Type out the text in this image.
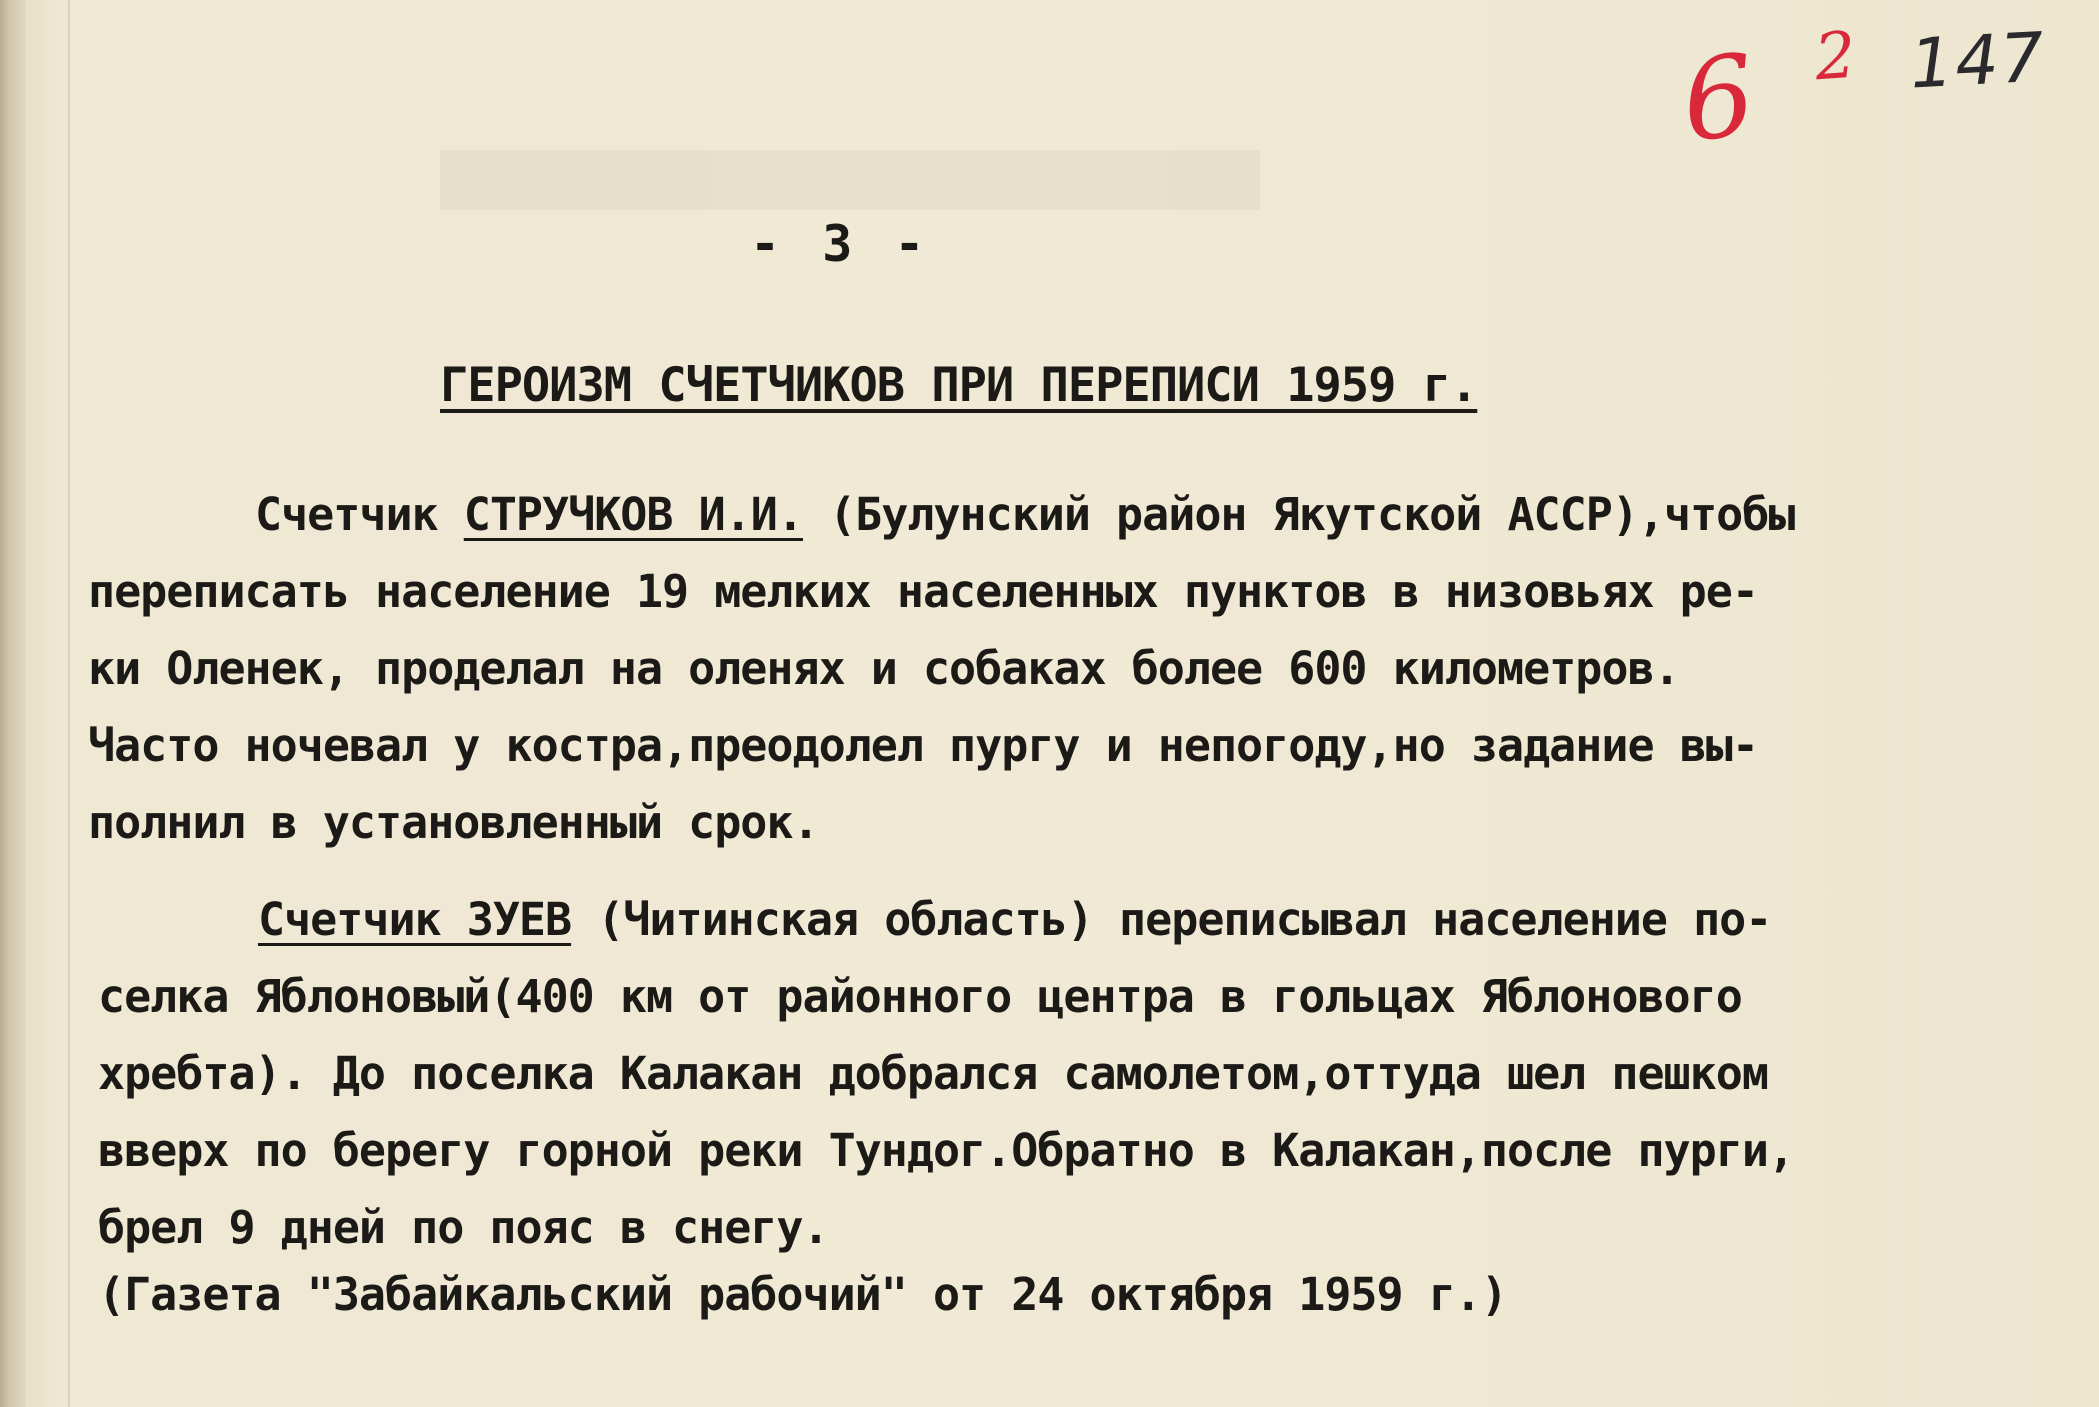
6 2 147
- 3 -
ГЕРОИЗМ СЧЕТЧИКОВ ПРИ ПЕРЕПИСИ 1959 г.
Счетчик СТРУЧКОВ И.И. (Булунский район Якутской АССР),чтобы
переписать население 19 мелких населенных пунктов в низовьях ре-
ки Оленек, проделал на оленях и собаках более 600 километров.
Часто ночевал у костра,преодолел пургу и непогоду,но задание вы-
полнил в установленный срок.
Счетчик ЗУЕВ (Читинская область) переписывал население по-
селка Яблоновый(400 км от районного центра в гольцах Яблонового
хребта). До поселка Калакан добрался самолетом,оттуда шел пешком
вверх по берегу горной реки Тундог.Обратно в Калакан,после пурги,
брел 9 дней по пояс в снегу.
(Газета "Забайкальский рабочий" от 24 октября 1959 г.)
